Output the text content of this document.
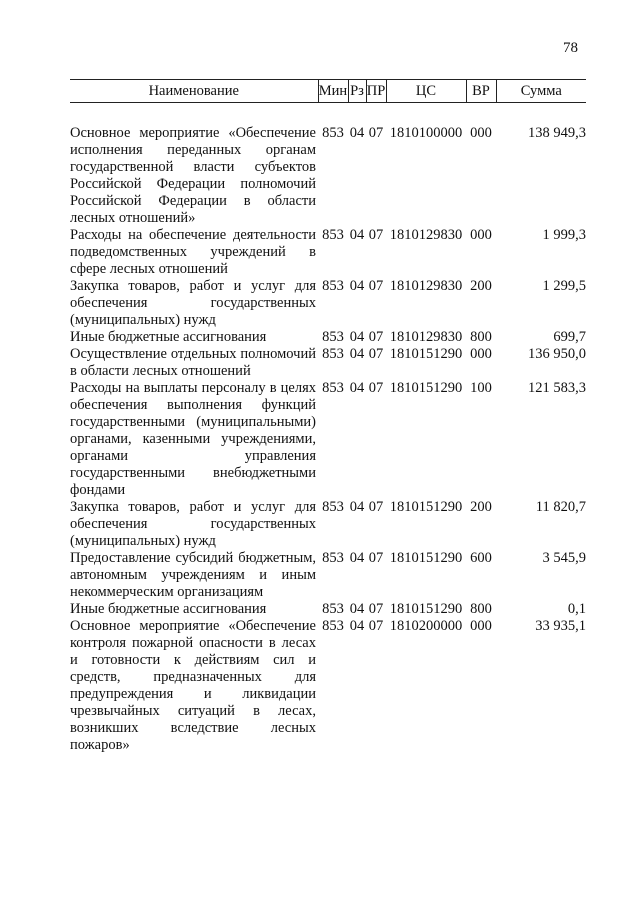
78
Наименование	Мин	Рз	ПР	ЦС	ВР	Сумма

Основное мероприятие «Обеспечение исполнения переданных органам государственной власти субъектов Российской Федерации полномочий Российской Федерации в области лесных отношений»	853	04	07	1810100000	000	138 949,3
Расходы на обеспечение деятельности подведомственных учреждений в сфере лесных отношений	853	04	07	1810129830	000	1 999,3
Закупка товаров, работ и услуг для обеспечения государственных (муниципальных) нужд	853	04	07	1810129830	200	1 299,5
Иные бюджетные ассигнования	853	04	07	1810129830	800	699,7
Осуществление отдельных полномочий в области лесных отношений	853	04	07	1810151290	000	136 950,0
Расходы на выплаты персоналу в целях обеспечения выполнения функций государственными (муниципальными) органами, казенными учреждениями, органами управления государственными внебюджетными фондами	853	04	07	1810151290	100	121 583,3
Закупка товаров, работ и услуг для обеспечения государственных (муниципальных) нужд	853	04	07	1810151290	200	11 820,7
Предоставление субсидий бюджетным, автономным учреждениям и иным некоммерческим организациям	853	04	07	1810151290	600	3 545,9
Иные бюджетные ассигнования	853	04	07	1810151290	800	0,1
Основное мероприятие «Обеспечение контроля пожарной опасности в лесах и готовности к действиям сил и средств, предназначенных для предупреждения и ликвидации чрезвычайных ситуаций в лесах, возникших вследствие лесных пожаров»	853	04	07	1810200000	000	33 935,1
